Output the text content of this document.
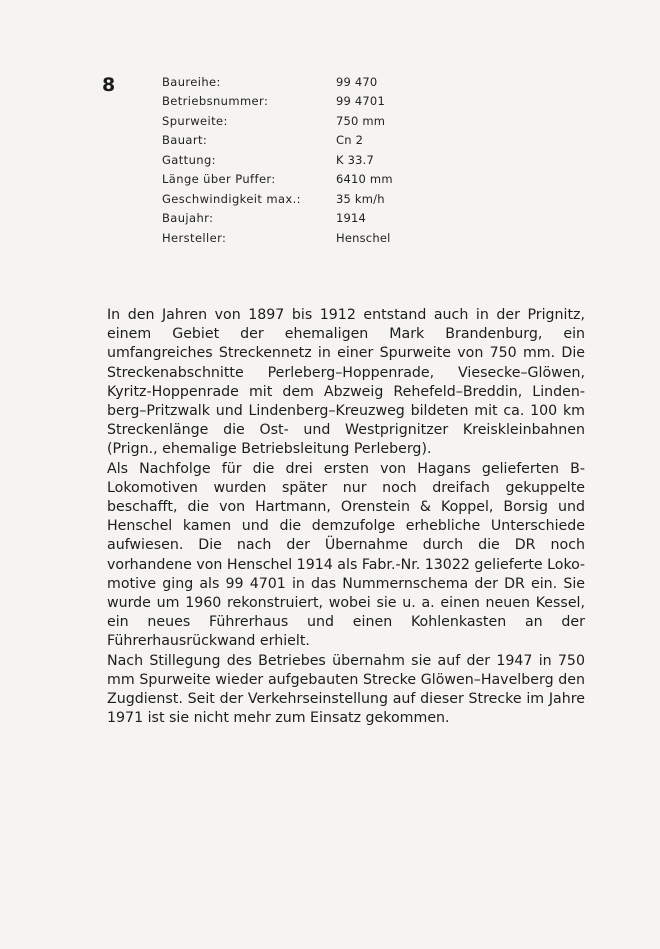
8	Baureihe:	99 470
Betriebsnummer:	99 4701
Spurweite:	750 mm
Bauart:	Cn 2
Gattung:	K 33.7
Länge über Puffer:	6410 mm
Geschwindigkeit max.:	35 km/h
Baujahr:	1914
Hersteller:	Henschel

In den Jahren von 1897 bis 1912 entstand auch in der Prignitz, einem Gebiet der ehemaligen Mark Brandenburg, ein umfangreiches Streckennetz in einer Spurweite von 750 mm. Die Streckenabschnitte Perleberg–Hoppenrade, Viesecke–Glöwen, Kyritz-Hoppenrade mit dem Abzweig Rehefeld–Breddin, Lindenberg–Pritzwalk und Lindenberg–Kreuzweg bildeten mit ca. 100 km Streckenlänge die Ost- und Westprignitzer Kreiskleinbahnen (Prign., ehemalige Betriebsleitung Perleberg).

Als Nachfolge für die drei ersten von Hagans gelieferten B-Lokomotiven wurden später nur noch dreifach gekuppelte beschafft, die von Hartmann, Orenstein & Koppel, Borsig und Henschel kamen und die demzufolge erhebliche Unterschiede aufwiesen. Die nach der Übernahme durch die DR noch vorhandene von Henschel 1914 als Fabr.-Nr. 13022 gelieferte Lokomotive ging als 99 4701 in das Nummernschema der DR ein. Sie wurde um 1960 rekonstruiert, wobei sie u. a. einen neuen Kessel, ein neues Führerhaus und einen Kohlenkasten an der Führerhausrückwand erhielt.

Nach Stillegung des Betriebes übernahm sie auf der 1947 in 750 mm Spurweite wieder aufgebauten Strecke Glöwen–Havelberg den Zugdienst. Seit der Verkehrseinstellung auf dieser Strecke im Jahre 1971 ist sie nicht mehr zum Einsatz gekommen.
